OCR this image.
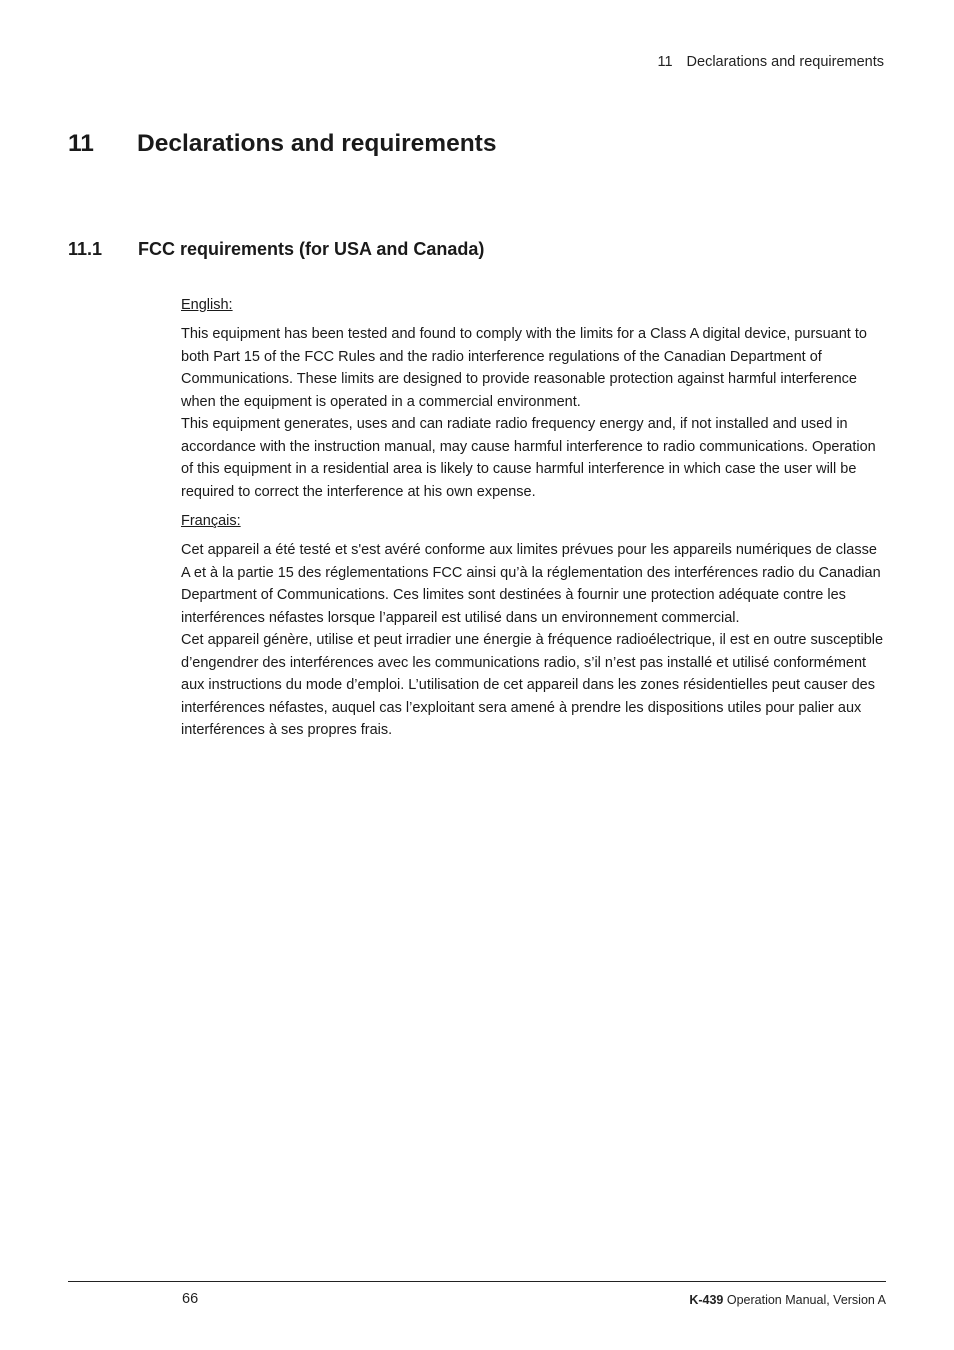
11 Declarations and requirements
11 Declarations and requirements
11.1 FCC requirements (for USA and Canada)

English:

This equipment has been tested and found to comply with the limits for a Class A digital device, pursuant to both Part 15 of the FCC Rules and the radio interference regulations of the Canadian Department of Communications. These limits are designed to provide reasonable protection against harmful interference when the equipment is operated in a commercial environment.

This equipment generates, uses and can radiate radio frequency energy and, if not installed and used in accordance with the instruction manual, may cause harmful interference to radio communications. Operation of this equipment in a residential area is likely to cause harmful interference in which case the user will be required to correct the interference at his own expense.

Français:

Cet appareil a été testé et s'est avéré conforme aux limites prévues pour les appareils numériques de classe A et à la partie 15 des réglementations FCC ainsi qu’à la réglementation des interférences radio du Canadian Department of Communications. Ces limites sont destinées à fournir une protection adéquate contre les interférences néfastes lorsque l’appareil est utilisé dans un environnement commercial.

Cet appareil génère, utilise et peut irradier une énergie à fréquence radioélectrique, il est en outre susceptible d’engendrer des interférences avec les communications radio, s’il n’est pas installé et utilisé conformément aux instructions du mode d’emploi. L’utilisation de cet appareil dans les zones résidentielles peut causer des interférences néfastes, auquel cas l’exploitant sera amené à prendre les dispositions utiles pour palier aux interférences à ses propres frais.

66	K-439 Operation Manual, Version A
